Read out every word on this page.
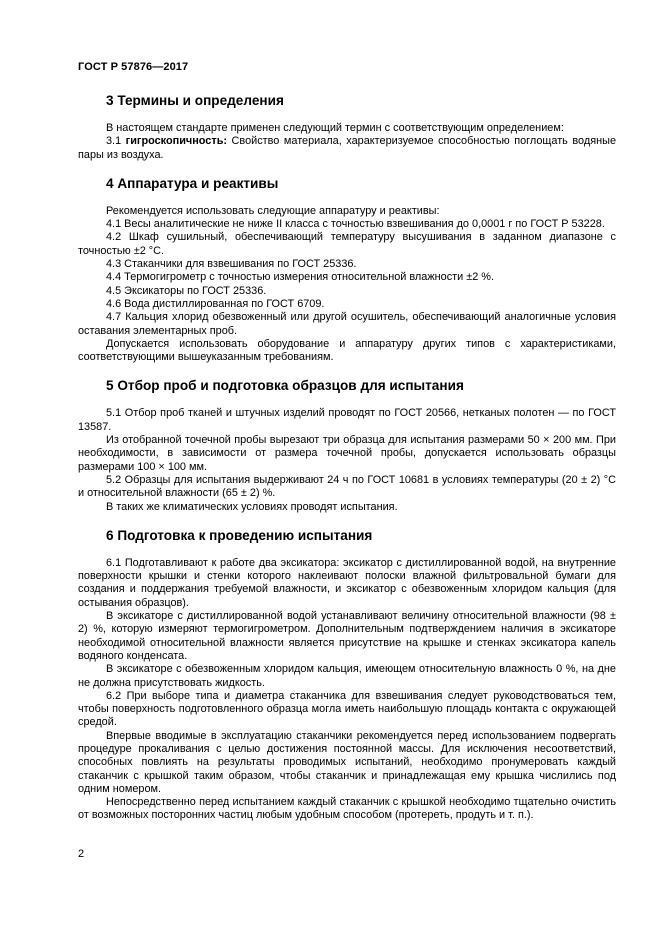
ГОСТ Р 57876—2017
3 Термины и определения

В настоящем стандарте применен следующий термин с соответствующим определением:

3.1 гигроскопичность: Свойство материала, характеризуемое способностью поглощать водяные пары из воздуха.

4 Аппаратура и реактивы

Рекомендуется использовать следующие аппаратуру и реактивы:

4.1 Весы аналитические не ниже II класса с точностью взвешивания до 0,0001 г по ГОСТ Р 53228.

4.2 Шкаф сушильный, обеспечивающий температуру высушивания в заданном диапазоне с точностью ±2 °С.

4.3 Стаканчики для взвешивания по ГОСТ 25336.

4.4 Термогигрометр с точностью измерения относительной влажности ±2 %.

4.5 Эксикаторы по ГОСТ 25336.

4.6 Вода дистиллированная по ГОСТ 6709.

4.7 Кальция хлорид обезвоженный или другой осушитель, обеспечивающий аналогичные условия оставания элементарных проб.

Допускается использовать оборудование и аппаратуру других типов с характеристиками, соответствующими вышеуказанным требованиям.

5 Отбор проб и подготовка образцов для испытания

5.1 Отбор проб тканей и штучных изделий проводят по ГОСТ 20566, нетканых полотен — по ГОСТ 13587.

Из отобранной точечной пробы вырезают три образца для испытания размерами 50 × 200 мм. При необходимости, в зависимости от размера точечной пробы, допускается использовать образцы размерами 100 × 100 мм.

5.2 Образцы для испытания выдерживают 24 ч по ГОСТ 10681 в условиях температуры (20 ± 2) °С и относительной влажности (65 ± 2) %.

В таких же климатических условиях проводят испытания.

6 Подготовка к проведению испытания

6.1 Подготавливают к работе два эксикатора: эксикатор с дистиллированной водой, на внутренние поверхности крышки и стенки которого наклеивают полоски влажной фильтровальной бумаги для создания и поддержания требуемой влажности, и эксикатор с обезвоженным хлоридом кальция (для остывания образцов).

В эксикаторе с дистиллированной водой устанавливают величину относительной влажности (98 ± 2) %, которую измеряют термогигрометром. Дополнительным подтверждением наличия в эксикаторе необходимой относительной влажности является присутствие на крышке и стенках эксикатора капель водяного конденсата.

В эксикаторе с обезвоженным хлоридом кальция, имеющем относительную влажность 0 %, на дне не должна присутствовать жидкость.

6.2 При выборе типа и диаметра стаканчика для взвешивания следует руководствоваться тем, чтобы поверхность подготовленного образца могла иметь наибольшую площадь контакта с окружающей средой.

Впервые вводимые в эксплуатацию стаканчики рекомендуется перед использованием подвергать процедуре прокаливания с целью достижения постоянной массы. Для исключения несоответствий, способных повлиять на результаты проводимых испытаний, необходимо пронумеровать каждый стаканчик с крышкой таким образом, чтобы стаканчик и принадлежащая ему крышка числились под одним номером.

Непосредственно перед испытанием каждый стаканчик с крышкой необходимо тщательно очистить от возможных посторонних частиц любым удобным способом (протереть, продуть и т. п.).

2
